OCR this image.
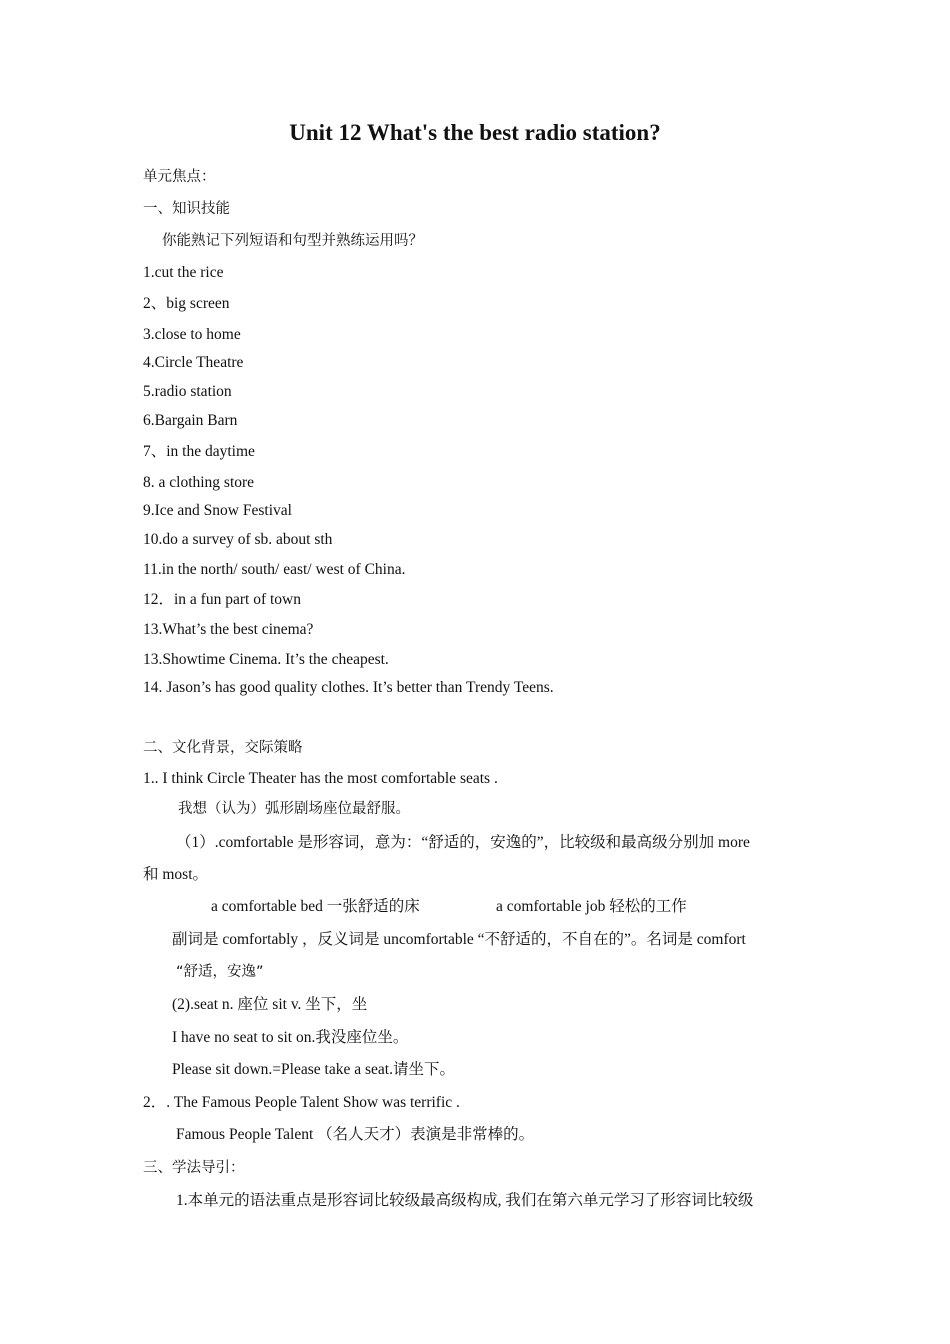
Unit 12 What's the best radio station?
单元焦点：
一、知识技能
你能熟记下列短语和句型并熟练运用吗？
1.cut the rice
2、big screen
3.close to home
4.Circle Theatre
5.radio station
6.Bargain Barn
7、in the daytime
8. a clothing store
9.Ice and Snow Festival
10.do a survey of sb. about sth
11.in the north/ south/ east/ west of China.
12．in a fun part of town
13.What’s the best cinema?
13.Showtime Cinema. It’s the cheapest.
14. Jason’s has good quality clothes. It’s better than Trendy Teens.
二、文化背景，交际策略
1.. I think Circle Theater has the most comfortable seats .
我想（认为）弧形剧场座位最舒服。
（1）.comfortable 是形容词，意为：“舒适的，安逸的”，比较级和最高级分别加 more
和 most。
a comfortable bed 一张舒适的床	a comfortable job 轻松的工作
副词是 comfortably ，反义词是 uncomfortable “不舒适的，不自在的”。名词是 comfort
“舒适，安逸”
(2).seat n. 座位 sit v. 坐下，坐
I have no seat to sit on.我没座位坐。
Please sit down.=Please take a seat.请坐下。
2．. The Famous People Talent Show was terrific .
Famous People Talent （名人天才）表演是非常棒的。
三、学法导引：
1.本单元的语法重点是形容词比较级最高级构成, 我们在第六单元学习了形容词比较级
